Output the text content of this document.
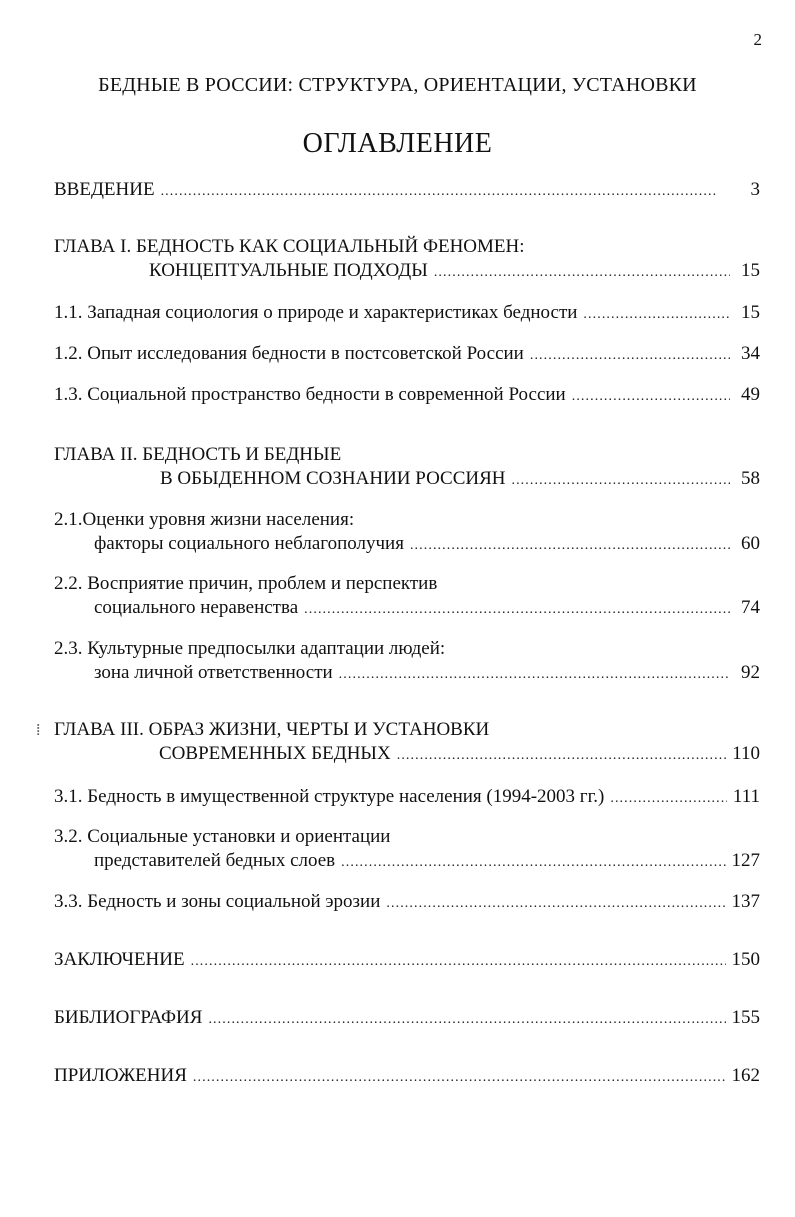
2
БЕДНЫЕ В РОССИИ: СТРУКТУРА, ОРИЕНТАЦИИ, УСТАНОВКИ
ОГЛАВЛЕНИЕ
ВВЕДЕНИЕ . . .	3
ГЛАВА I. БЕДНОСТЬ КАК СОЦИАЛЬНЫЙ ФЕНОМЕН:
КОНЦЕПТУАЛЬНЫЕ ПОДХОДЫ . . .	15
1.1. Западная социология о природе и характеристиках бедности . . .	15
1.2. Опыт исследования бедности в постсоветской России . . .	34
1.3. Социальной пространство бедности в современной России . . .	49
ГЛАВА II. БЕДНОСТЬ И БЕДНЫЕ
В ОБЫДЕННОМ СОЗНАНИИ РОССИЯН . . .	58
2.1.Оценки уровня жизни населения:
факторы социального неблагополучия . . .	60
2.2. Восприятие причин, проблем и перспектив
социального неравенства . . .	74
2.3. Культурные предпосылки адаптации людей:
зона личной ответственности . . .	92
⁞ ГЛАВА III. ОБРАЗ ЖИЗНИ, ЧЕРТЫ И УСТАНОВКИ
СОВРЕМЕННЫХ БЕДНЫХ . . .	110
3.1. Бедность в имущественной структуре населения (1994-2003 гг.) . . .	111
3.2. Социальные установки и ориентации
представителей бедных слоев . . .	127
3.3. Бедность и зоны социальной эрозии . . .	137
ЗАКЛЮЧЕНИЕ . . .	150
БИБЛИОГРАФИЯ . . .	155
ПРИЛОЖЕНИЯ . . .	162
